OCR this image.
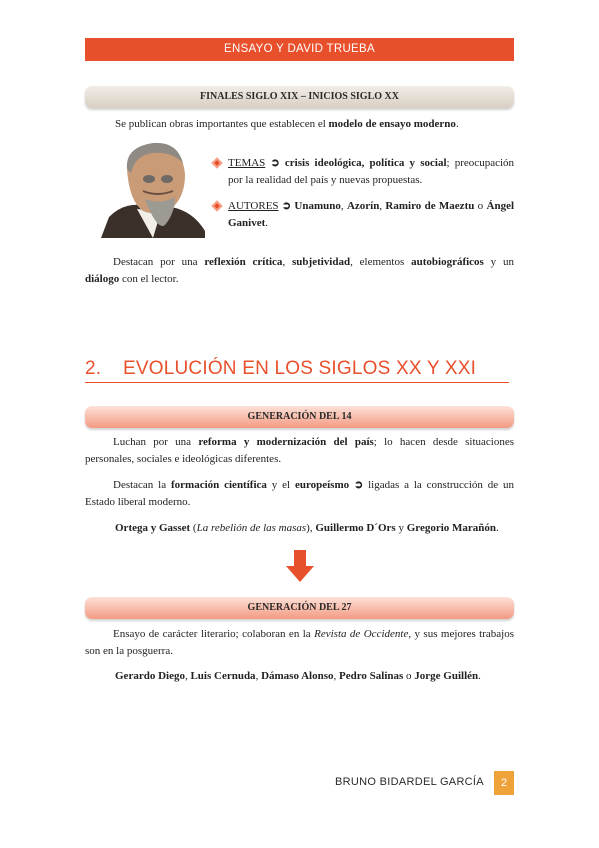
ENSAYO Y DAVID TRUEBA
FINALES SIGLO XIX – INICIOS SIGLO XX

Se publican obras importantes que establecen el modelo de ensayo moderno.

TEMAS ➲ crisis ideológica, política y social; preocupación por la realidad del país y nuevas propuestas.

AUTORES ➲ Unamuno, Azorín, Ramiro de Maeztu o Ángel Ganivet.

Destacan por una reflexión crítica, subjetividad, elementos autobiográficos y un diálogo con el lector.

2. EVOLUCIÓN EN LOS SIGLOS XX Y XXI
GENERACIÓN DEL 14

Luchan por una reforma y modernización del país; lo hacen desde situaciones personales, sociales e ideológicas diferentes.

Destacan la formación científica y el europeísmo ➲ ligadas a la construcción de un Estado liberal moderno.

Ortega y Gasset (La rebelión de las masas), Guillermo D´Ors y Gregorio Marañón.

GENERACIÓN DEL 27

Ensayo de carácter literario; colaboran en la Revista de Occidente, y sus mejores trabajos son en la posguerra.

Gerardo Diego, Luis Cernuda, Dámaso Alonso, Pedro Salinas o Jorge Guillén.

BRUNO BIDARDEL GARCÍA	2
